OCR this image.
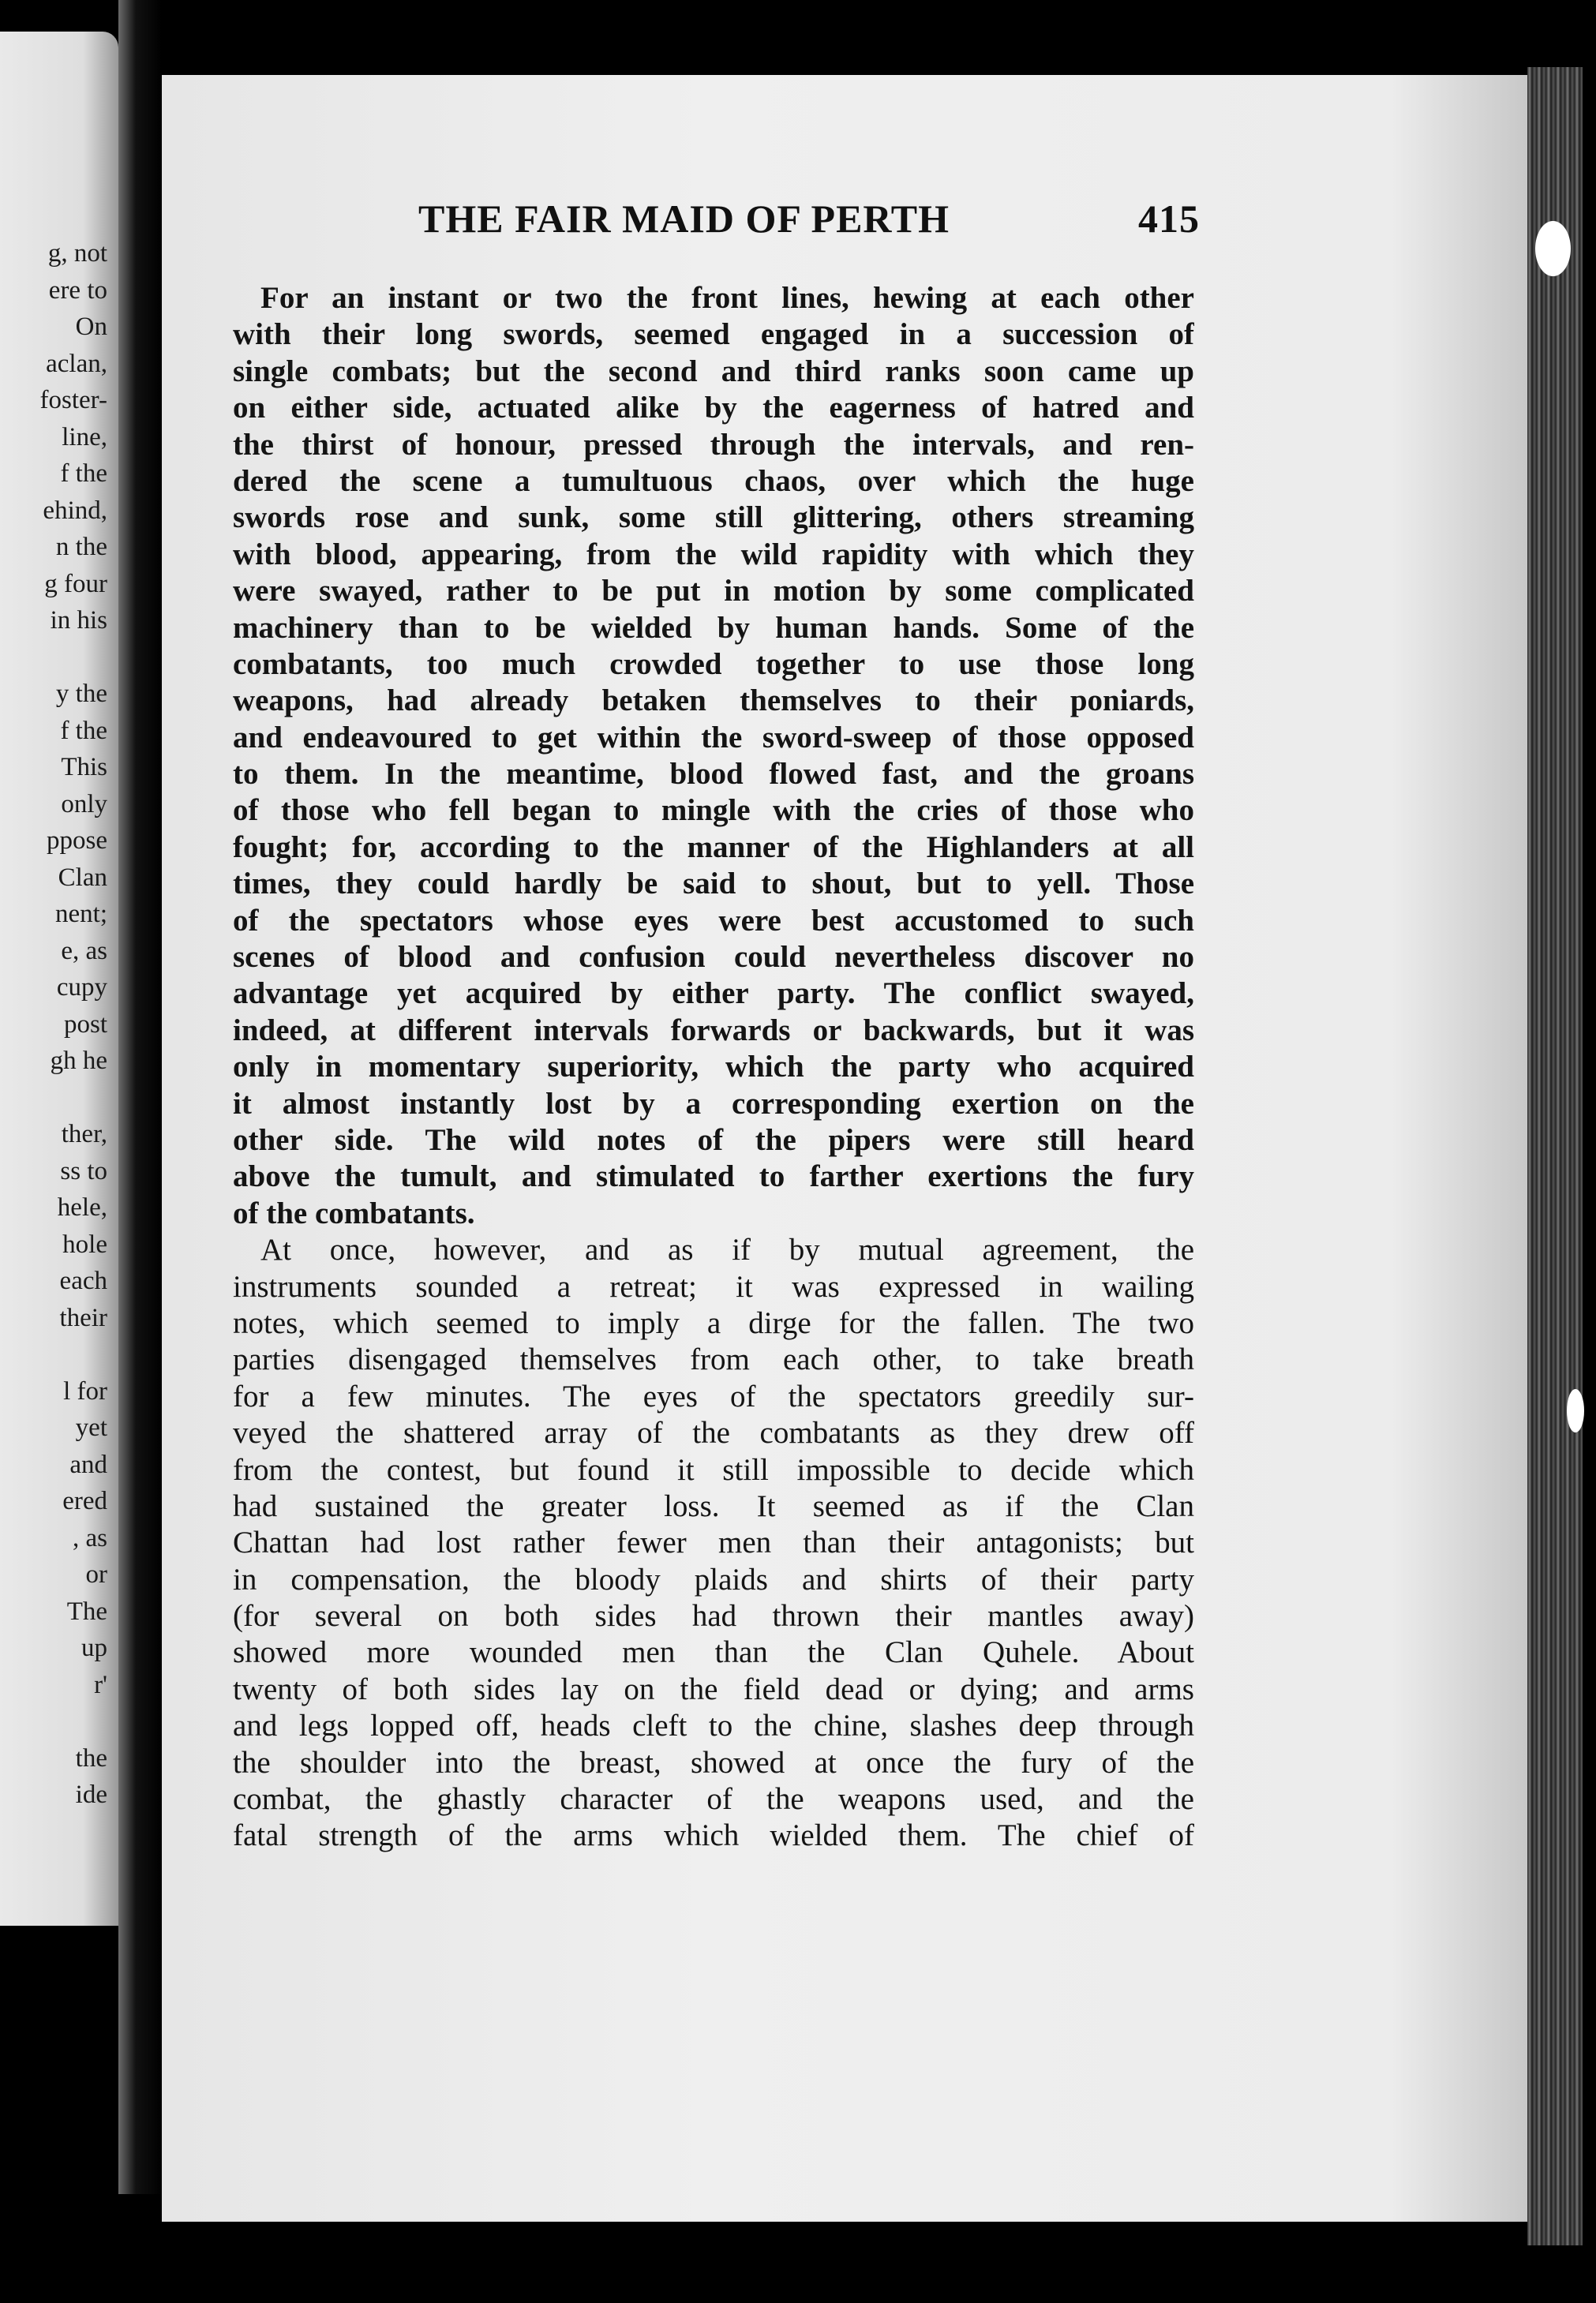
g, not
ere to
On
aclan,
foster-
line,
f the
ehind,
n the
g four
in his
y the
f the
This
only
ppose
Clan
nent;
e, as
cupy
post
gh he
ther,
ss to
hele,
hole
each
their
l for
yet
and
ered
, as
or
The
up
r'
the
ide
THE FAIR MAID OF PERTH	415
For an instant or two the front lines, hewing at each other
with their long swords, seemed engaged in a succession of
single combats; but the second and third ranks soon came up
on either side, actuated alike by the eagerness of hatred and
the thirst of honour, pressed through the intervals, and ren-
dered the scene a tumultuous chaos, over which the huge
swords rose and sunk, some still glittering, others streaming
with blood, appearing, from the wild rapidity with which they
were swayed, rather to be put in motion by some complicated
machinery than to be wielded by human hands. Some of the
combatants, too much crowded together to use those long
weapons, had already betaken themselves to their poniards,
and endeavoured to get within the sword-sweep of those opposed
to them. In the meantime, blood flowed fast, and the groans
of those who fell began to mingle with the cries of those who
fought; for, according to the manner of the Highlanders at all
times, they could hardly be said to shout, but to yell. Those
of the spectators whose eyes were best accustomed to such
scenes of blood and confusion could nevertheless discover no
advantage yet acquired by either party. The conflict swayed,
indeed, at different intervals forwards or backwards, but it was
only in momentary superiority, which the party who acquired
it almost instantly lost by a corresponding exertion on the
other side. The wild notes of the pipers were still heard
above the tumult, and stimulated to farther exertions the fury
of the combatants.
At once, however, and as if by mutual agreement, the
instruments sounded a retreat; it was expressed in wailing
notes, which seemed to imply a dirge for the fallen. The two
parties disengaged themselves from each other, to take breath
for a few minutes. The eyes of the spectators greedily sur-
veyed the shattered array of the combatants as they drew off
from the contest, but found it still impossible to decide which
had sustained the greater loss. It seemed as if the Clan
Chattan had lost rather fewer men than their antagonists; but
in compensation, the bloody plaids and shirts of their party
(for several on both sides had thrown their mantles away)
showed more wounded men than the Clan Quhele. About
twenty of both sides lay on the field dead or dying; and arms
and legs lopped off, heads cleft to the chine, slashes deep through
the shoulder into the breast, showed at once the fury of the
combat, the ghastly character of the weapons used, and the
fatal strength of the arms which wielded them. The chief of
